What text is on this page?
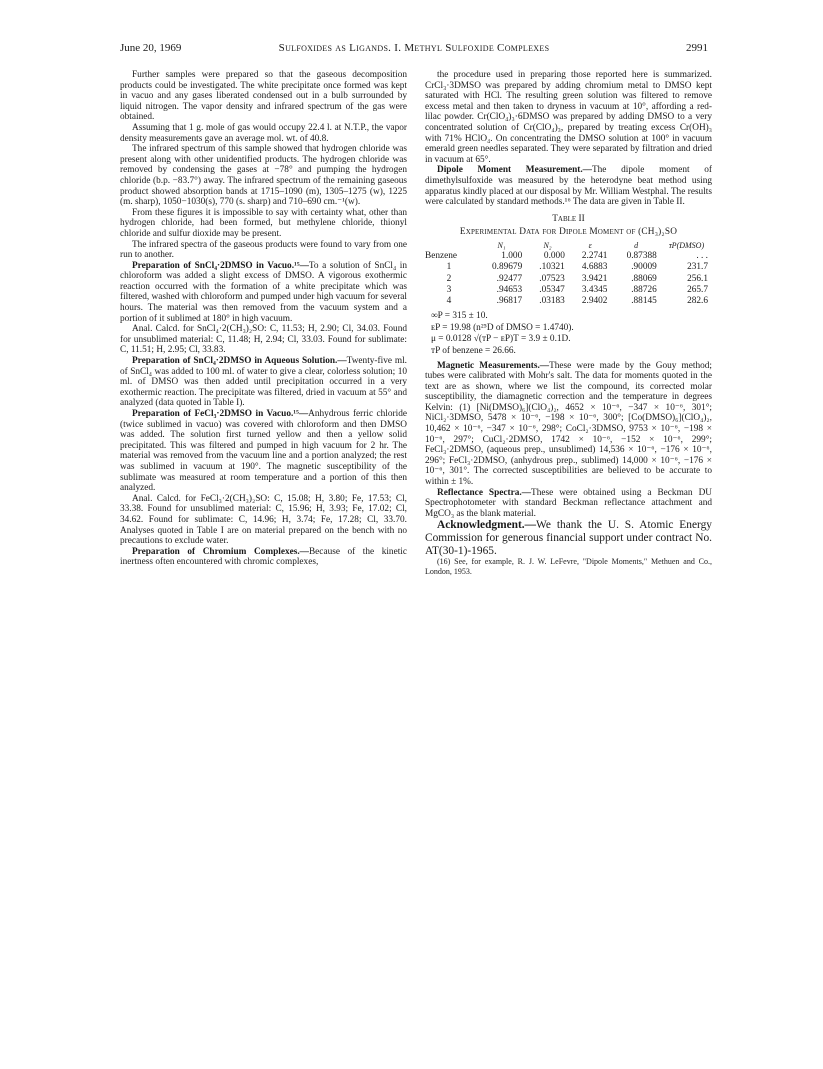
June 20, 1969	Sulfoxides as Ligands. I. Methyl Sulfoxide Complexes	2991

Further samples were prepared so that the gaseous decomposition products could be investigated. The white precipitate once formed was kept in vacuo and any gases liberated condensed out in a bulb surrounded by liquid nitrogen. The vapor density and infrared spectrum of the gas were obtained.

Assuming that 1 g. mole of gas would occupy 22.4 l. at N.T.P., the vapor density measurements gave an average mol. wt. of 40.8.

The infrared spectrum of this sample showed that hydrogen chloride was present along with other unidentified products. The hydrogen chloride was removed by condensing the gases at −78° and pumping the hydrogen chloride (b.p. −83.7°) away. The infrared spectrum of the remaining gaseous product showed absorption bands at 1715–1090 (m), 1305–1275 (w), 1225 (m. sharp), 1050−1030(s), 770 (s. sharp) and 710–690 cm.⁻¹(w).

From these figures it is impossible to say with certainty what, other than hydrogen chloride, had been formed, but methylene chloride, thionyl chloride and sulfur dioxide may be present.

The infrared spectra of the gaseous products were found to vary from one run to another.

Preparation of SnCl₄·2DMSO in Vacuo.¹⁵—To a solution of SnCl₄ in chloroform was added a slight excess of DMSO. A vigorous exothermic reaction occurred with the formation of a white precipitate which was filtered, washed with chloroform and pumped under high vacuum for several hours. The material was then removed from the vacuum system and a portion of it sublimed at 180° in high vacuum.

Anal. Calcd. for SnCl₄·2(CH₃)₂SO: C, 11.53; H, 2.90; Cl, 34.03. Found for unsublimed material: C, 11.48; H, 2.94; Cl, 33.03. Found for sublimate: C, 11.51; H, 2.95; Cl, 33.83.

Preparation of SnCl₄·2DMSO in Aqueous Solution.—Twenty-five ml. of SnCl₄ was added to 100 ml. of water to give a clear, colorless solution; 10 ml. of DMSO was then added until precipitation occurred in a very exothermic reaction. The precipitate was filtered, dried in vacuum at 55° and analyzed (data quoted in Table I).

Preparation of FeCl₃·2DMSO in Vacuo.¹⁵—Anhydrous ferric chloride (twice sublimed in vacuo) was covered with chloroform and then DMSO was added. The solution first turned yellow and then a yellow solid precipitated. This was filtered and pumped in high vacuum for 2 hr. The material was removed from the vacuum line and a portion analyzed; the rest was sublimed in vacuum at 190°. The magnetic susceptibility of the sublimate was measured at room temperature and a portion of this then analyzed.

Anal. Calcd. for FeCl₃·2(CH₃)₂SO: C, 15.08; H, 3.80; Fe, 17.53; Cl, 33.38. Found for unsublimed material: C, 15.96; H, 3.93; Fe, 17.02; Cl, 34.62. Found for sublimate: C, 14.96; H, 3.74; Fe, 17.28; Cl, 33.70. Analyses quoted in Table I are on material prepared on the bench with no precautions to exclude water.

Preparation of Chromium Complexes.—Because of the kinetic inertness often encountered with chromic complexes,

the procedure used in preparing those reported here is summarized. CrCl₃·3DMSO was prepared by adding chromium metal to DMSO kept saturated with HCl. The resulting green solution was filtered to remove excess metal and then taken to dryness in vacuum at 10°, affording a red-lilac powder. Cr(ClO₄)₃·6DMSO was prepared by adding DMSO to a very concentrated solution of Cr(ClO₄)₃, prepared by treating excess Cr(OH)₃ with 71% HClO₄. On concentrating the DMSO solution at 100° in vacuum emerald green needles separated. They were separated by filtration and dried in vacuum at 65°.

Dipole Moment Measurement.—The dipole moment of dimethylsulfoxide was measured by the heterodyne beat method using apparatus kindly placed at our disposal by Mr. William Westphal. The results were calculated by standard methods.¹⁶ The data are given in Table II.

Table II
Experimental Data for Dipole Moment of (CH₃)₂SO
	N₁	N₂	ε	d	ᴛP(DMSO)
Benzene	1.000	0.000	2.2741	0.87388	. . .
1	0.89679	.10321	4.6883	.90009	231.7
2	.92477	.07523	3.9421	.88069	256.1
3	.94653	.05347	3.4345	.88726	265.7
4	.96817	.03183	2.9402	.88145	282.6
∞P = 315 ± 10.
ᴇP = 19.98 (n²⁵D of DMSO = 1.4740).
μ = 0.0128 √(ᴛP − ᴇP)T = 3.9 ± 0.1D.
ᴛP of benzene = 26.66.

Magnetic Measurements.—These were made by the Gouy method; tubes were calibrated with Mohr's salt. The data for moments quoted in the text are as shown, where we list the compound, its corrected molar susceptibility, the diamagnetic correction and the temperature in degrees Kelvin: (1) [Ni(DMSO)₆](ClO₄)₂, 4652 × 10⁻⁶, −347 × 10⁻⁶, 301°; NiCl₂·3DMSO, 5478 × 10⁻⁶, −198 × 10⁻⁶, 300°; [Co(DMSO)₆](ClO₄)₂, 10,462 × 10⁻⁶, −347 × 10⁻⁶, 298°; CoCl₂·3DMSO, 9753 × 10⁻⁶, −198 × 10⁻⁶, 297°; CuCl₂·2DMSO, 1742 × 10⁻⁶, −152 × 10⁻⁶, 299°; FeCl₃·2DMSO, (aqueous prep., unsublimed) 14,536 × 10⁻⁶, −176 × 10⁻⁶, 296°; FeCl₃·2DMSO, (anhydrous prep., sublimed) 14,000 × 10⁻⁶, −176 × 10⁻⁶, 301°. The corrected susceptibilities are believed to be accurate to within ± 1%.

Reflectance Spectra.—These were obtained using a Beckman DU Spectrophotometer with standard Beckman reflectance attachment and MgCO₃ as the blank material.

Acknowledgment.—We thank the U. S. Atomic Energy Commission for generous financial support under contract No. AT(30-1)-1965.

(16) See, for example, R. J. W. LeFevre, "Dipole Moments," Methuen and Co., London, 1953.
